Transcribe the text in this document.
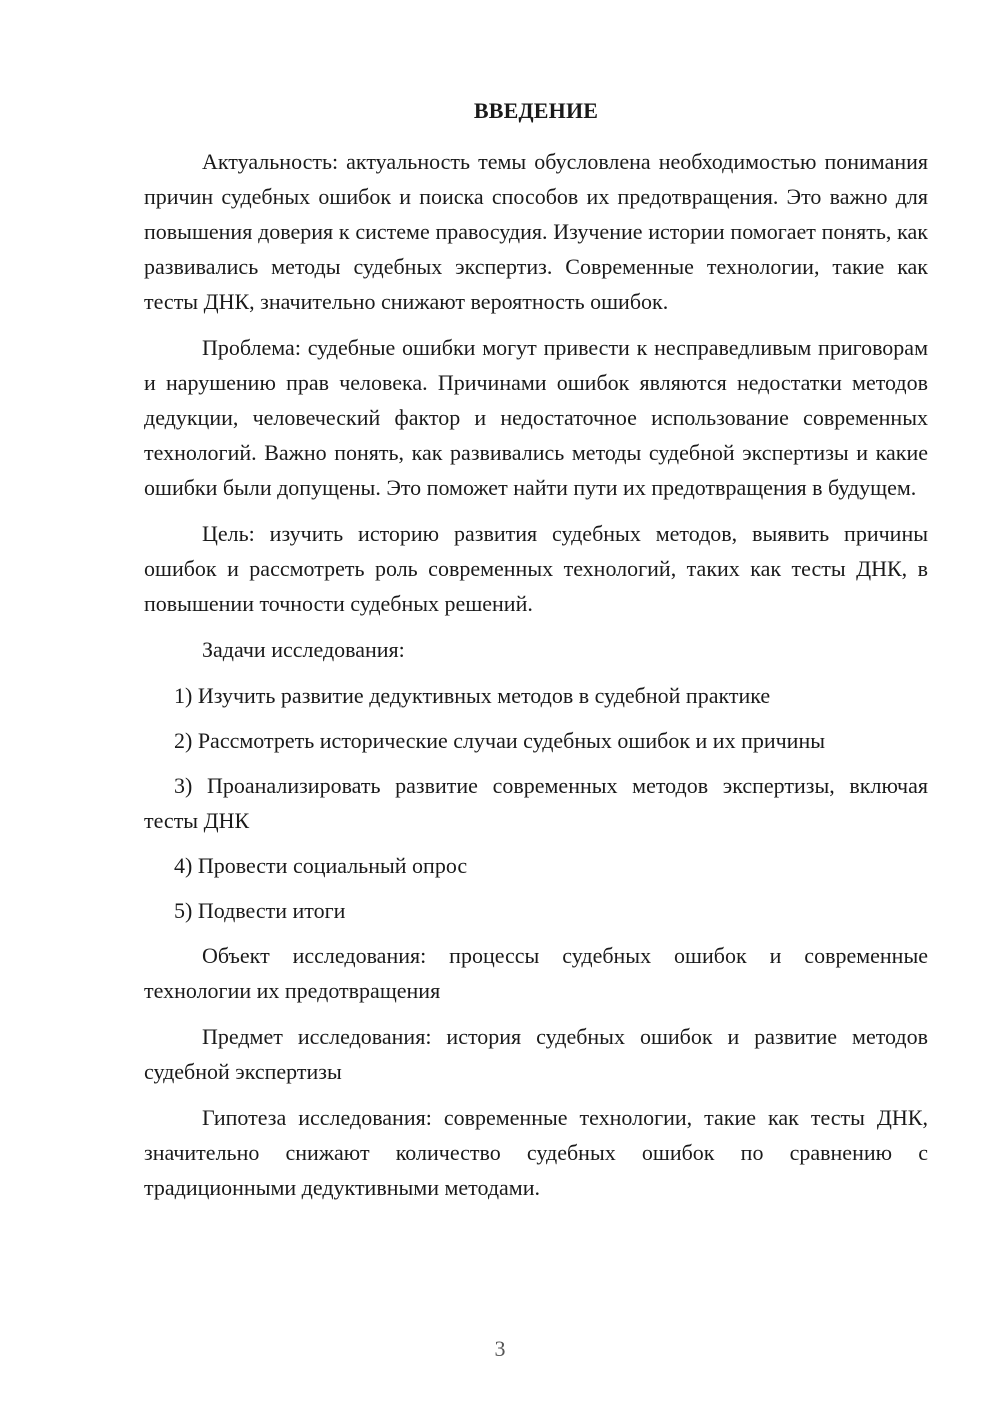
ВВЕДЕНИЕ

Актуальность: актуальность темы обусловлена необходимостью понимания причин судебных ошибок и поиска способов их предотвращения. Это важно для повышения доверия к системе правосудия. Изучение истории помогает понять, как развивались методы судебных экспертиз. Современные технологии, такие как тесты ДНК, значительно снижают вероятность ошибок.

Проблема: судебные ошибки могут привести к несправедливым приговорам и нарушению прав человека. Причинами ошибок являются недостатки методов дедукции, человеческий фактор и недостаточное использование современных технологий. Важно понять, как развивались методы судебной экспертизы и какие ошибки были допущены. Это поможет найти пути их предотвращения в будущем.

Цель: изучить историю развития судебных методов, выявить причины ошибок и рассмотреть роль современных технологий, таких как тесты ДНК, в повышении точности судебных решений.

Задачи исследования:

1) Изучить развитие дедуктивных методов в судебной практике

2) Рассмотреть исторические случаи судебных ошибок и их причины

3) Проанализировать развитие современных методов экспертизы, включая тесты ДНК

4) Провести социальный опрос

5) Подвести итоги

Объект исследования: процессы судебных ошибок и современные технологии их предотвращения

Предмет исследования: история судебных ошибок и развитие методов судебной экспертизы

Гипотеза исследования: современные технологии, такие как тесты ДНК, значительно снижают количество судебных ошибок по сравнению с традиционными дедуктивными методами.

3
